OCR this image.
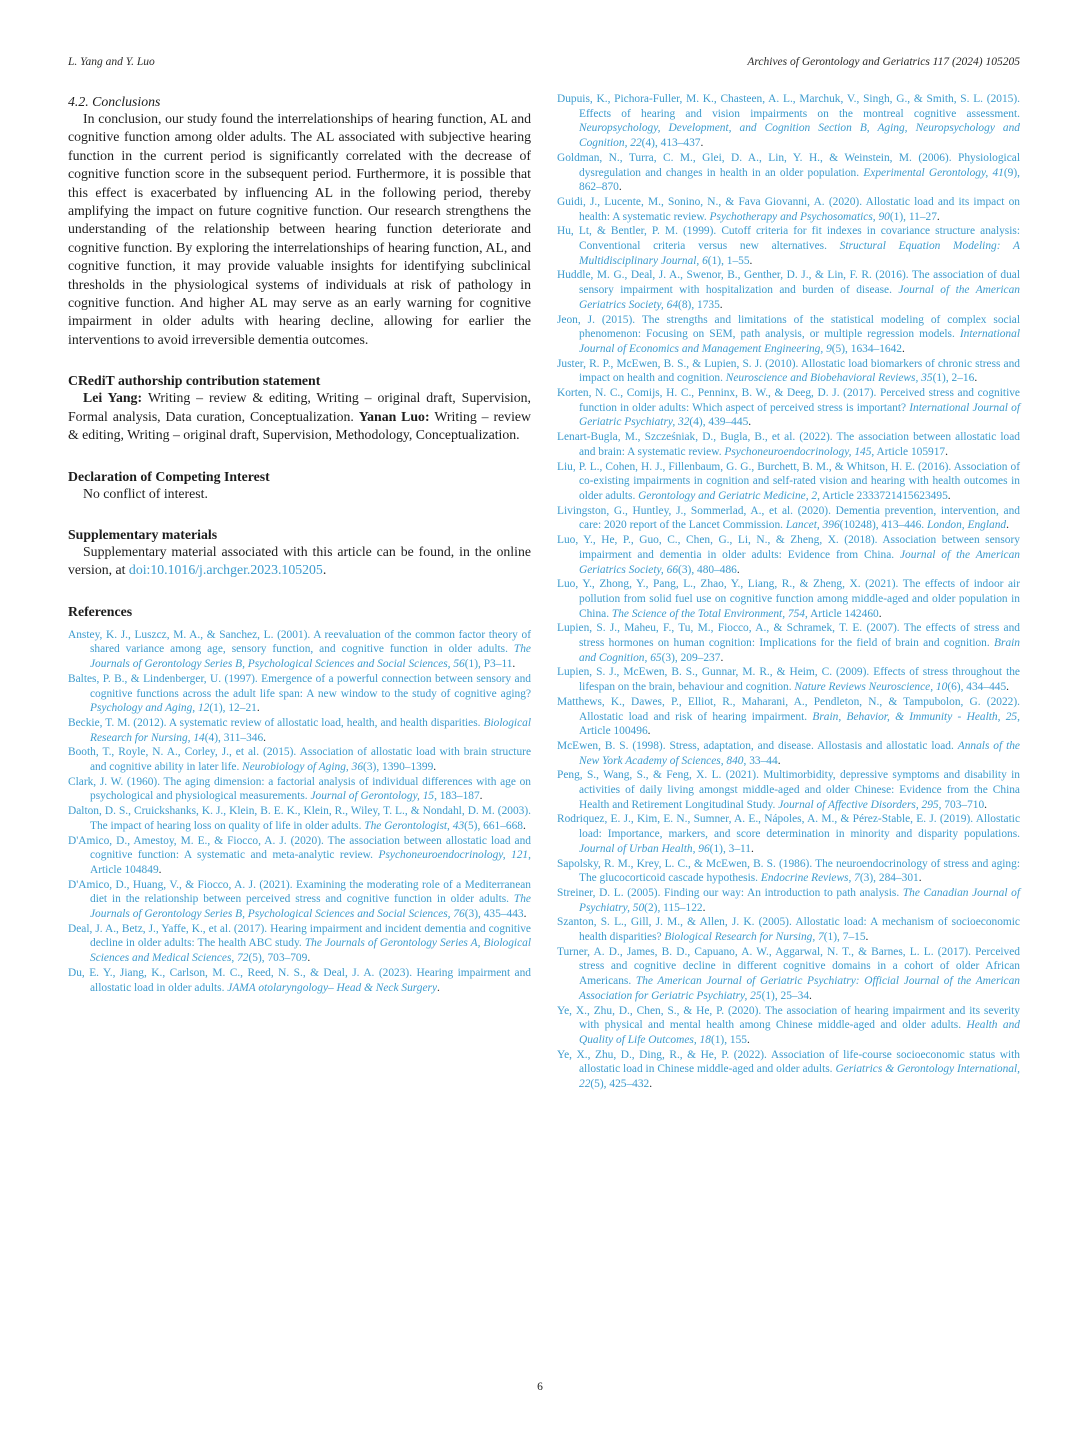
L. Yang and Y. Luo	Archives of Gerontology and Geriatrics 117 (2024) 105205
4.2. Conclusions

In conclusion, our study found the interrelationships of hearing function, AL and cognitive function among older adults. The AL associated with subjective hearing function in the current period is significantly correlated with the decrease of cognitive function score in the subsequent period. Furthermore, it is possible that this effect is exacerbated by influencing AL in the following period, thereby amplifying the impact on future cognitive function. Our research strengthens the understanding of the relationship between hearing function deteriorate and cognitive function. By exploring the interrelationships of hearing function, AL, and cognitive function, it may provide valuable insights for identifying subclinical thresholds in the physiological systems of individuals at risk of pathology in cognitive function. And higher AL may serve as an early warning for cognitive impairment in older adults with hearing decline, allowing for earlier the interventions to avoid irreversible dementia outcomes.

CRediT authorship contribution statement

Lei Yang: Writing – review & editing, Writing – original draft, Supervision, Formal analysis, Data curation, Conceptualization. Yanan Luo: Writing – review & editing, Writing – original draft, Supervision, Methodology, Conceptualization.

Declaration of Competing Interest

No conflict of interest.

Supplementary materials

Supplementary material associated with this article can be found, in the online version, at doi:10.1016/j.archger.2023.105205.

References

Anstey, K. J., Luszcz, M. A., & Sanchez, L. (2001). A reevaluation of the common factor theory of shared variance among age, sensory function, and cognitive function in older adults. The Journals of Gerontology Series B, Psychological Sciences and Social Sciences, 56(1), P3–11.

Baltes, P. B., & Lindenberger, U. (1997). Emergence of a powerful connection between sensory and cognitive functions across the adult life span: A new window to the study of cognitive aging? Psychology and Aging, 12(1), 12–21.

Beckie, T. M. (2012). A systematic review of allostatic load, health, and health disparities. Biological Research for Nursing, 14(4), 311–346.

Booth, T., Royle, N. A., Corley, J., et al. (2015). Association of allostatic load with brain structure and cognitive ability in later life. Neurobiology of Aging, 36(3), 1390–1399.

Clark, J. W. (1960). The aging dimension: a factorial analysis of individual differences with age on psychological and physiological measurements. Journal of Gerontology, 15, 183–187.

Dalton, D. S., Cruickshanks, K. J., Klein, B. E. K., Klein, R., Wiley, T. L., & Nondahl, D. M. (2003). The impact of hearing loss on quality of life in older adults. The Gerontologist, 43(5), 661–668.

D'Amico, D., Amestoy, M. E., & Fiocco, A. J. (2020). The association between allostatic load and cognitive function: A systematic and meta-analytic review. Psychoneuroendocrinology, 121, Article 104849.

D'Amico, D., Huang, V., & Fiocco, A. J. (2021). Examining the moderating role of a Mediterranean diet in the relationship between perceived stress and cognitive function in older adults. The Journals of Gerontology Series B, Psychological Sciences and Social Sciences, 76(3), 435–443.

Deal, J. A., Betz, J., Yaffe, K., et al. (2017). Hearing impairment and incident dementia and cognitive decline in older adults: The health ABC study. The Journals of Gerontology Series A, Biological Sciences and Medical Sciences, 72(5), 703–709.

Du, E. Y., Jiang, K., Carlson, M. C., Reed, N. S., & Deal, J. A. (2023). Hearing impairment and allostatic load in older adults. JAMA otolaryngology– Head & Neck Surgery.

Dupuis, K., Pichora-Fuller, M. K., Chasteen, A. L., Marchuk, V., Singh, G., & Smith, S. L. (2015). Effects of hearing and vision impairments on the montreal cognitive assessment. Neuropsychology, Development, and Cognition Section B, Aging, Neuropsychology and Cognition, 22(4), 413–437.

Goldman, N., Turra, C. M., Glei, D. A., Lin, Y. H., & Weinstein, M. (2006). Physiological dysregulation and changes in health in an older population. Experimental Gerontology, 41(9), 862–870.

Guidi, J., Lucente, M., Sonino, N., & Fava Giovanni, A. (2020). Allostatic load and its impact on health: A systematic review. Psychotherapy and Psychosomatics, 90(1), 11–27.

Hu, Lt, & Bentler, P. M. (1999). Cutoff criteria for fit indexes in covariance structure analysis: Conventional criteria versus new alternatives. Structural Equation Modeling: A Multidisciplinary Journal, 6(1), 1–55.

Huddle, M. G., Deal, J. A., Swenor, B., Genther, D. J., & Lin, F. R. (2016). The association of dual sensory impairment with hospitalization and burden of disease. Journal of the American Geriatrics Society, 64(8), 1735.

Jeon, J. (2015). The strengths and limitations of the statistical modeling of complex social phenomenon: Focusing on SEM, path analysis, or multiple regression models. International Journal of Economics and Management Engineering, 9(5), 1634–1642.

Juster, R. P., McEwen, B. S., & Lupien, S. J. (2010). Allostatic load biomarkers of chronic stress and impact on health and cognition. Neuroscience and Biobehavioral Reviews, 35(1), 2–16.

Korten, N. C., Comijs, H. C., Penninx, B. W., & Deeg, D. J. (2017). Perceived stress and cognitive function in older adults: Which aspect of perceived stress is important? International Journal of Geriatric Psychiatry, 32(4), 439–445.

Lenart-Bugla, M., Szcześniak, D., Bugla, B., et al. (2022). The association between allostatic load and brain: A systematic review. Psychoneuroendocrinology, 145, Article 105917.

Liu, P. L., Cohen, H. J., Fillenbaum, G. G., Burchett, B. M., & Whitson, H. E. (2016). Association of co-existing impairments in cognition and self-rated vision and hearing with health outcomes in older adults. Gerontology and Geriatric Medicine, 2, Article 2333721415623495.

Livingston, G., Huntley, J., Sommerlad, A., et al. (2020). Dementia prevention, intervention, and care: 2020 report of the Lancet Commission. Lancet, 396(10248), 413–446. London, England.

Luo, Y., He, P., Guo, C., Chen, G., Li, N., & Zheng, X. (2018). Association between sensory impairment and dementia in older adults: Evidence from China. Journal of the American Geriatrics Society, 66(3), 480–486.

Luo, Y., Zhong, Y., Pang, L., Zhao, Y., Liang, R., & Zheng, X. (2021). The effects of indoor air pollution from solid fuel use on cognitive function among middle-aged and older population in China. The Science of the Total Environment, 754, Article 142460.

Lupien, S. J., Maheu, F., Tu, M., Fiocco, A., & Schramek, T. E. (2007). The effects of stress and stress hormones on human cognition: Implications for the field of brain and cognition. Brain and Cognition, 65(3), 209–237.

Lupien, S. J., McEwen, B. S., Gunnar, M. R., & Heim, C. (2009). Effects of stress throughout the lifespan on the brain, behaviour and cognition. Nature Reviews Neuroscience, 10(6), 434–445.

Matthews, K., Dawes, P., Elliot, R., Maharani, A., Pendleton, N., & Tampubolon, G. (2022). Allostatic load and risk of hearing impairment. Brain, Behavior, & Immunity - Health, 25, Article 100496.

McEwen, B. S. (1998). Stress, adaptation, and disease. Allostasis and allostatic load. Annals of the New York Academy of Sciences, 840, 33–44.

Peng, S., Wang, S., & Feng, X. L. (2021). Multimorbidity, depressive symptoms and disability in activities of daily living amongst middle-aged and older Chinese: Evidence from the China Health and Retirement Longitudinal Study. Journal of Affective Disorders, 295, 703–710.

Rodriquez, E. J., Kim, E. N., Sumner, A. E., Nápoles, A. M., & Pérez-Stable, E. J. (2019). Allostatic load: Importance, markers, and score determination in minority and disparity populations. Journal of Urban Health, 96(1), 3–11.

Sapolsky, R. M., Krey, L. C., & McEwen, B. S. (1986). The neuroendocrinology of stress and aging: The glucocorticoid cascade hypothesis. Endocrine Reviews, 7(3), 284–301.

Streiner, D. L. (2005). Finding our way: An introduction to path analysis. The Canadian Journal of Psychiatry, 50(2), 115–122.

Szanton, S. L., Gill, J. M., & Allen, J. K. (2005). Allostatic load: A mechanism of socioeconomic health disparities? Biological Research for Nursing, 7(1), 7–15.

Turner, A. D., James, B. D., Capuano, A. W., Aggarwal, N. T., & Barnes, L. L. (2017). Perceived stress and cognitive decline in different cognitive domains in a cohort of older African Americans. The American Journal of Geriatric Psychiatry: Official Journal of the American Association for Geriatric Psychiatry, 25(1), 25–34.

Ye, X., Zhu, D., Chen, S., & He, P. (2020). The association of hearing impairment and its severity with physical and mental health among Chinese middle-aged and older adults. Health and Quality of Life Outcomes, 18(1), 155.

Ye, X., Zhu, D., Ding, R., & He, P. (2022). Association of life-course socioeconomic status with allostatic load in Chinese middle-aged and older adults. Geriatrics & Gerontology International, 22(5), 425–432.

6
